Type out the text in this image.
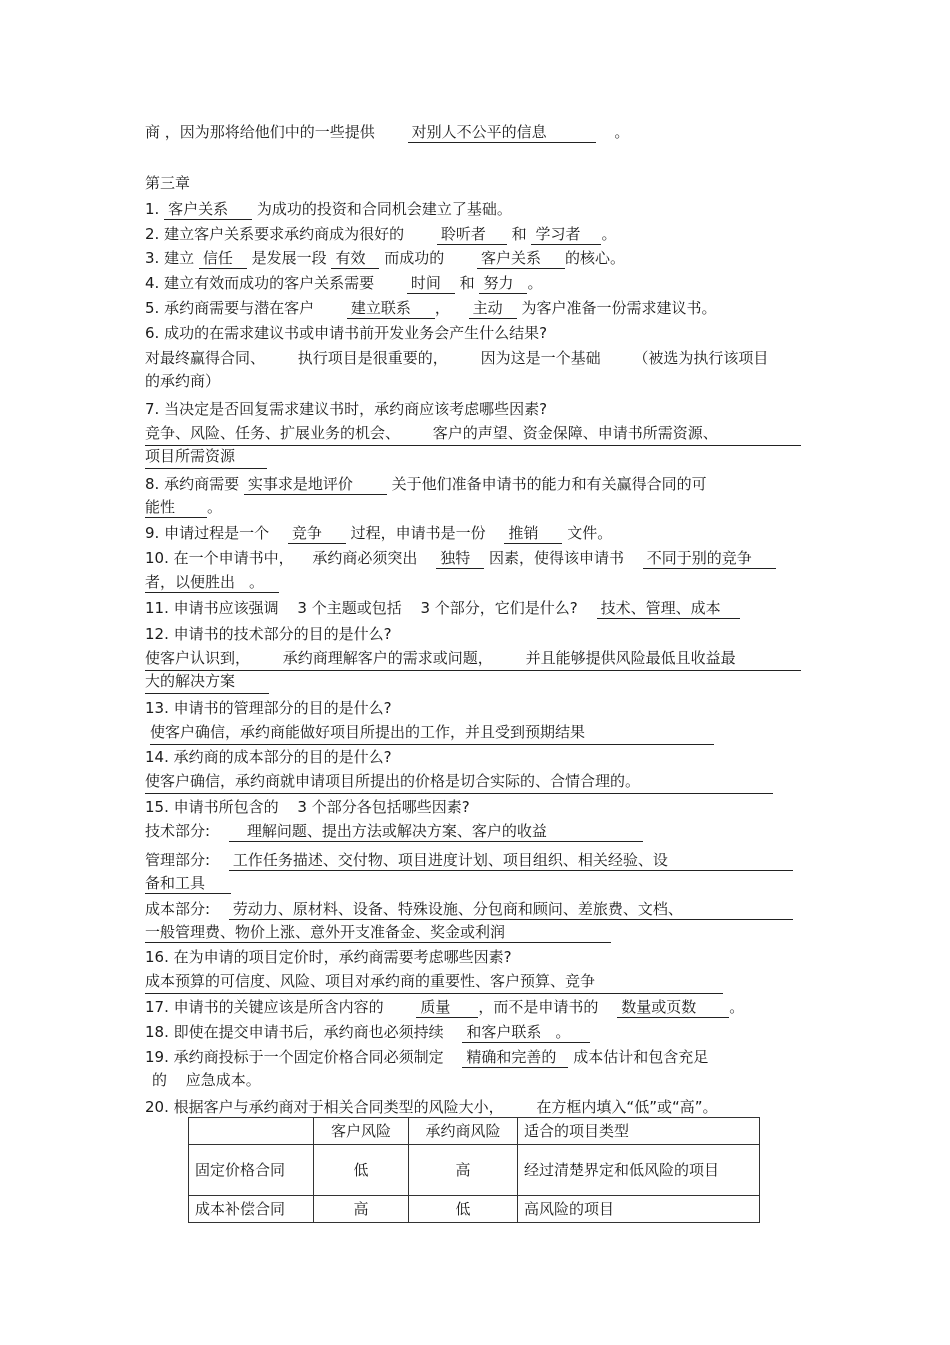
商 ，因为那将给他们中的一些提供 对别人不公平的信息	。
第三章
1. 客户关系 为成功的投资和合同机会建立了基础。
2. 建立客户关系要求承约商成为很好的 聆听者 和 学习者 。
3. 建立 信任 是发展一段 有效 而成功的 客户关系 的核心。
4. 建立有效而成功的客户关系需要 时间 和 努力 。
5. 承约商需要与潜在客户 建立联系 ， 主动 为客户准备一份需求建议书。
6. 成功的在需求建议书或申请书前开发业务会产生什么结果?
对最终赢得合同、 执行项目是很重要的， 因为这是一个基础 （被选为执行该项目
的承约商）
7. 当决定是否回复需求建议书时，承约商应该考虑哪些因素?
竞争、风险、任务、扩展业务的机会、 客户的声望、资金保障、申请书所需资源、
项目所需资源
8. 承约商需要 实事求是地评价	关于他们准备申请书的能力和有关赢得合同的可
能性 。
9. 申请过程是一个 竞争 过程，申请书是一份 推销 文件。
10. 在一个申请书中， 承约商必须突出 独特 因素，使得该申请书 不同于别的竞争
者，以便胜出 。
11. 申请书应该强调 3 个主题或包括 3 个部分，它们是什么? 技术、管理、成本
12. 申请书的技术部分的目的是什么?
使客户认识到， 承约商理解客户的需求或问题， 并且能够提供风险最低且收益最
大的解决方案
13. 申请书的管理部分的目的是什么?
使客户确信，承约商能做好项目所提出的工作，并且受到预期结果
14. 承约商的成本部分的目的是什么?
使客户确信，承约商就申请项目所提出的价格是切合实际的、合情合理的。
15. 申请书所包含的 3 个部分各包括哪些因素?
技术部分: 理解问题、提出方法或解决方案、客户的收益
管理部分: 工作任务描述、交付物、项目进度计划、项目组织、相关经验、设
备和工具
成本部分: 劳动力、原材料、设备、特殊设施、分包商和顾问、差旅费、文档、
一般管理费、物价上涨、意外开支准备金、奖金或利润
16. 在为申请的项目定价时，承约商需要考虑哪些因素?
成本预算的可信度、风险、项目对承约商的重要性、客户预算、竞争
17. 申请书的关键应该是所含内容的 质量 ，而不是申请书的 数量或页数 。
18. 即使在提交申请书后，承约商也必须持续 和客户联系 。
19. 承约商投标于一个固定价格合同必须制定 精确和完善的 成本估计和包含充足
的 应急成本。
20. 根据客户与承约商对于相关合同类型的风险大小， 在方框内填入“低”或“高”。
	客户风险	承约商风险	适合的项目类型
固定价格合同	低	高	经过清楚界定和低风险的项目
成本补偿合同	高	低	高风险的项目
